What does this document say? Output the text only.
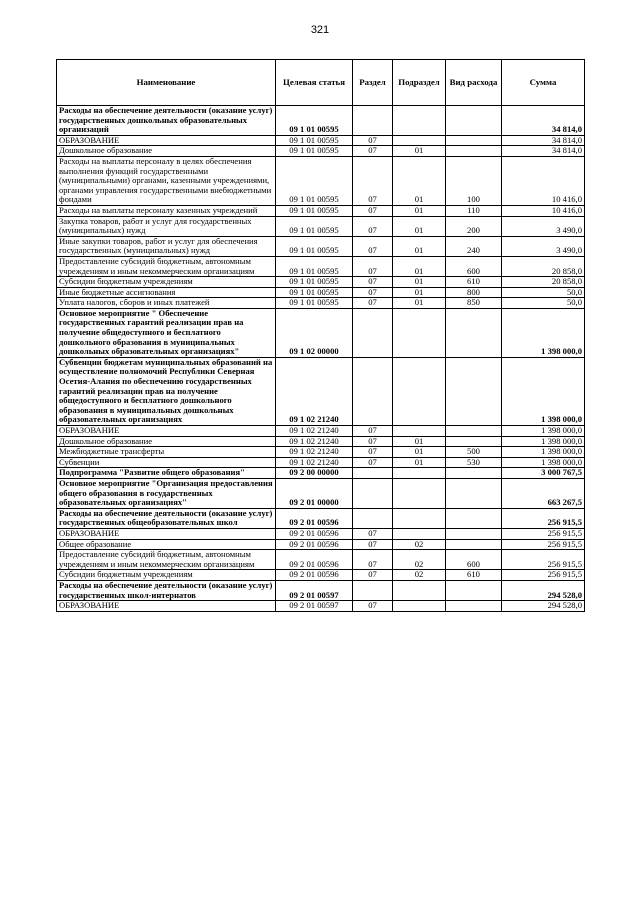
321
Наименование	Целевая статья	Раздел	Подраздел	Вид расхода	Сумма
Расходы на обеспечение деятельности (оказание услуг) государственных дошкольных образовательных организаций	09 1 01 00595				34 814,0
ОБРАЗОВАНИЕ	09 1 01 00595	07			34 814,0
Дошкольное образование	09 1 01 00595	07	01		34 814,0
Расходы на выплаты персоналу в целях обеспечения выполнения функций государственными (муниципальными) органами, казенными учреждениями, органами управления государственными внебюджетными фондами	09 1 01 00595	07	01	100	10 416,0
Расходы на выплаты персоналу казенных учреждений	09 1 01 00595	07	01	110	10 416,0
Закупка товаров, работ и услуг для государственных (муниципальных) нужд	09 1 01 00595	07	01	200	3 490,0
Иные закупки товаров, работ и услуг для обеспечения государственных (муниципальных) нужд	09 1 01 00595	07	01	240	3 490,0
Предоставление субсидий бюджетным, автономным учреждениям и иным некоммерческим организациям	09 1 01 00595	07	01	600	20 858,0
Субсидии бюджетным учреждениям	09 1 01 00595	07	01	610	20 858,0
Иные бюджетные ассигнования	09 1 01 00595	07	01	800	50,0
Уплата налогов, сборов и иных платежей	09 1 01 00595	07	01	850	50,0
Основное мероприятие " Обеспечение государственных гарантий реализации прав на получение общедоступного и бесплатного дошкольного образования в муниципальных дошкольных образовательных организациях"	09 1 02 00000				1 398 000,0
Субвенции бюджетам муниципальных образований на осуществление полномочий Республики Северная Осетия-Алания по обеспечению государственных гарантий реализации прав на получение общедоступного и бесплатного дошкольного образования в муниципальных дошкольных образовательных организациях	09 1 02 21240				1 398 000,0
ОБРАЗОВАНИЕ	09 1 02 21240	07			1 398 000,0
Дошкольное образование	09 1 02 21240	07	01		1 398 000,0
Межбюджетные трансферты	09 1 02 21240	07	01	500	1 398 000,0
Субвенции	09 1 02 21240	07	01	530	1 398 000,0
Подпрограмма "Развитие общего образования"	09 2 00 00000				3 000 767,5
Основное мероприятие "Организация предоставления общего образования в государственных образовательных организациях"	09 2 01 00000				663 267,5
Расходы на обеспечение деятельности (оказание услуг) государственных общеобразовательных школ	09 2 01 00596				256 915,5
ОБРАЗОВАНИЕ	09 2 01 00596	07			256 915,5
Общее образование	09 2 01 00596	07	02		256 915,5
Предоставление субсидий бюджетным, автономным учреждениям и иным некоммерческим организациям	09 2 01 00596	07	02	600	256 915,5
Субсидии бюджетным учреждениям	09 2 01 00596	07	02	610	256 915,5
Расходы на обеспечение деятельности (оказание услуг) государственных школ-интернатов	09 2 01 00597				294 528,0
ОБРАЗОВАНИЕ	09 2 01 00597	07			294 528,0
